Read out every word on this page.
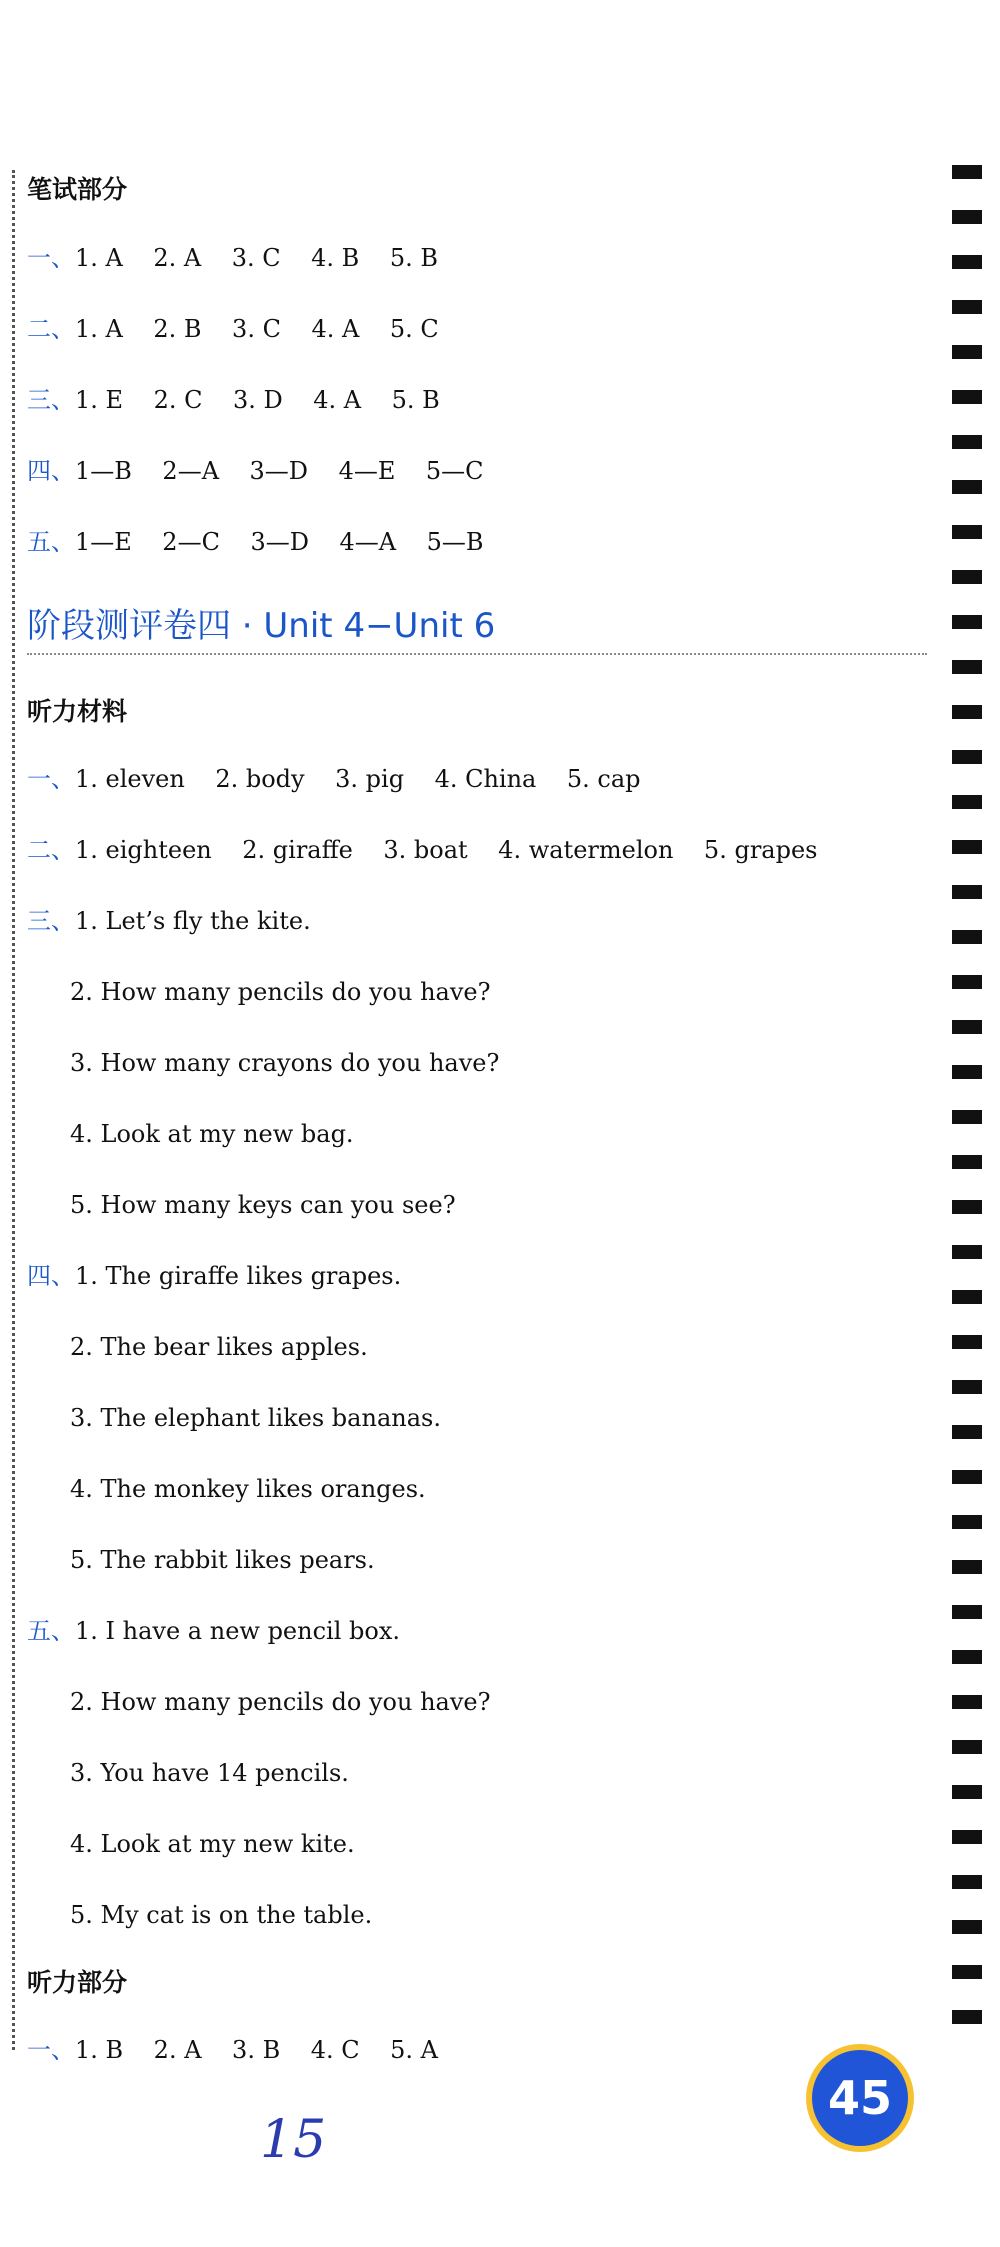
笔试部分
一、1. A    2. A    3. C    4. B    5. B
二、1. A    2. B    3. C    4. A    5. C
三、1. E    2. C    3. D    4. A    5. B
四、1—B    2—A    3—D    4—E    5—C
五、1—E    2—C    3—D    4—A    5—B
阶段测评卷四 · Unit 4−Unit 6
听力材料
一、1. eleven    2. body    3. pig    4. China    5. cap
二、1. eighteen    2. giraffe    3. boat    4. watermelon    5. grapes
三、1. Let’s fly the kite.
2. How many pencils do you have?
3. How many crayons do you have?
4. Look at my new bag.
5. How many keys can you see?
四、1. The giraffe likes grapes.
2. The bear likes apples.
3. The elephant likes bananas.
4. The monkey likes oranges.
5. The rabbit likes pears.
五、1. I have a new pencil box.
2. How many pencils do you have?
3. You have 14 pencils.
4. Look at my new kite.
5. My cat is on the table.
听力部分
一、1. B    2. A    3. B    4. C    5. A
15
45
